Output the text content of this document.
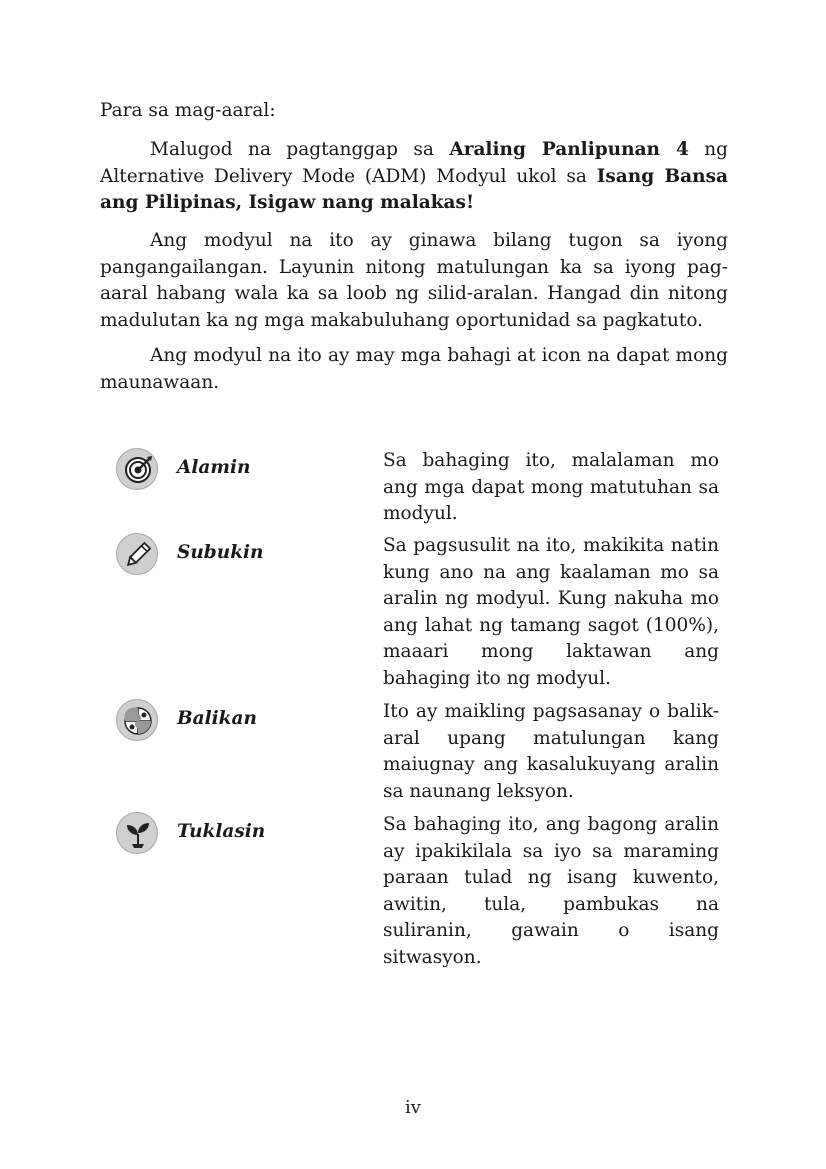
Para sa mag-aaral:

Malugod na pagtanggap sa Araling Panlipunan 4 ng Alternative Delivery Mode (ADM) Modyul ukol sa Isang Bansa ang Pilipinas, Isigaw nang malakas!

Ang modyul na ito ay ginawa bilang tugon sa iyong pangangailangan. Layunin nitong matulungan ka sa iyong pag-aaral habang wala ka sa loob ng silid-aralan. Hangad din nitong madulutan ka ng mga makabuluhang oportunidad sa pagkatuto.

Ang modyul na ito ay may mga bahagi at icon na dapat mong maunawaan.

Alamin	Sa bahaging ito, malalaman mo ang mga dapat mong matutuhan sa modyul.

Subukin	Sa pagsusulit na ito, makikita natin kung ano na ang kaalaman mo sa aralin ng modyul. Kung nakuha mo ang lahat ng tamang sagot (100%), maaari mong laktawan ang bahaging ito ng modyul.

Balikan	Ito ay maikling pagsasanay o balik-aral upang matulungan kang maiugnay ang kasalukuyang aralin sa naunang leksyon.

Tuklasin	Sa bahaging ito, ang bagong aralin ay ipakikilala sa iyo sa maraming paraan tulad ng isang kuwento, awitin, tula, pambukas na suliranin, gawain o isang sitwasyon.

iv
